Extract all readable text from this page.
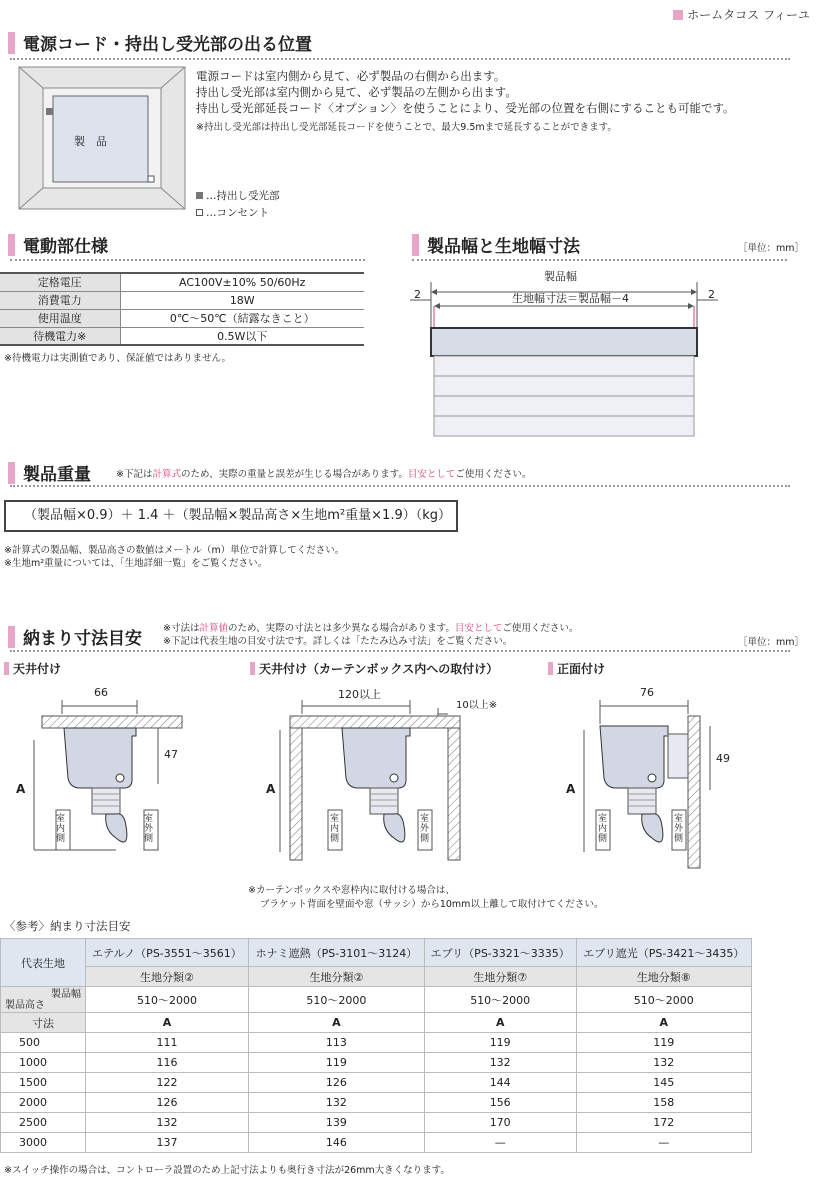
ホームタコス フィーユ
電源コード・持出し受光部の出る位置
製　品
電源コードは室内側から見て、必ず製品の右側から出ます。
持出し受光部は室内側から見て、必ず製品の左側から出ます。
持出し受光部延長コード〈オプション〉を使うことにより、受光部の位置を右側にすることも可能です。
※持出し受光部は持出し受光部延長コードを使うことで、最大9.5mまで延長することができます。
…持出し受光部
…コンセント
電動部仕様
定格電圧	AC100V±10% 50/60Hz
消費電力	18W
使用温度	0℃～50℃（結露なきこと）
待機電力※	0.5W以下
※待機電力は実測値であり、保証値ではありません。
製品幅と生地幅寸法	［単位：mm］
製品幅
生地幅寸法＝製品幅－4
2	2
製品重量	※下記は計算式のため、実際の重量と誤差が生じる場合があります。目安としてご使用ください。
（製品幅×0.9）＋ 1.4 ＋（製品幅×製品高さ×生地m²重量×1.9）（kg）
※計算式の製品幅、製品高さの数値はメートル（m）単位で計算してください。
※生地m²重量については、「生地詳細一覧」をご覧ください。
納まり寸法目安
※寸法は計算値のため、実際の寸法とは多少異なる場合があります。目安としてご使用ください。
※下記は代表生地の目安寸法です。詳しくは「たたみ込み寸法」をご覧ください。	［単位：mm］
天井付け	天井付け（カーテンボックス内への取付け）	正面付け
66
47
A
室内側
室外側
120以上
10以上※
A
室内側
室外側
76
49
A
室内側
室外側
※カーテンボックスや窓枠内に取付ける場合は、
ブラケット背面を壁面や窓（サッシ）から10mm以上離して取付けてください。
〈参考〉納まり寸法目安
代表生地	エテルノ（PS-3551～3561）	ホナミ遮熱（PS-3101～3124）	エブリ（PS-3321～3335）	エブリ遮光（PS-3421～3435）
	生地分類②	生地分類②	生地分類⑦	生地分類⑧

製品幅
製品高さ	510～2000	510～2000	510～2000	510～2000
寸法	A	A	A	A
500	111	113	119	119
1000	116	119	132	132
1500	122	126	144	145
2000	126	132	156	158
2500	132	139	170	172
3000	137	146	—	—
※スイッチ操作の場合は、コントローラ設置のため上記寸法よりも奥行き寸法が26mm大きくなります。
